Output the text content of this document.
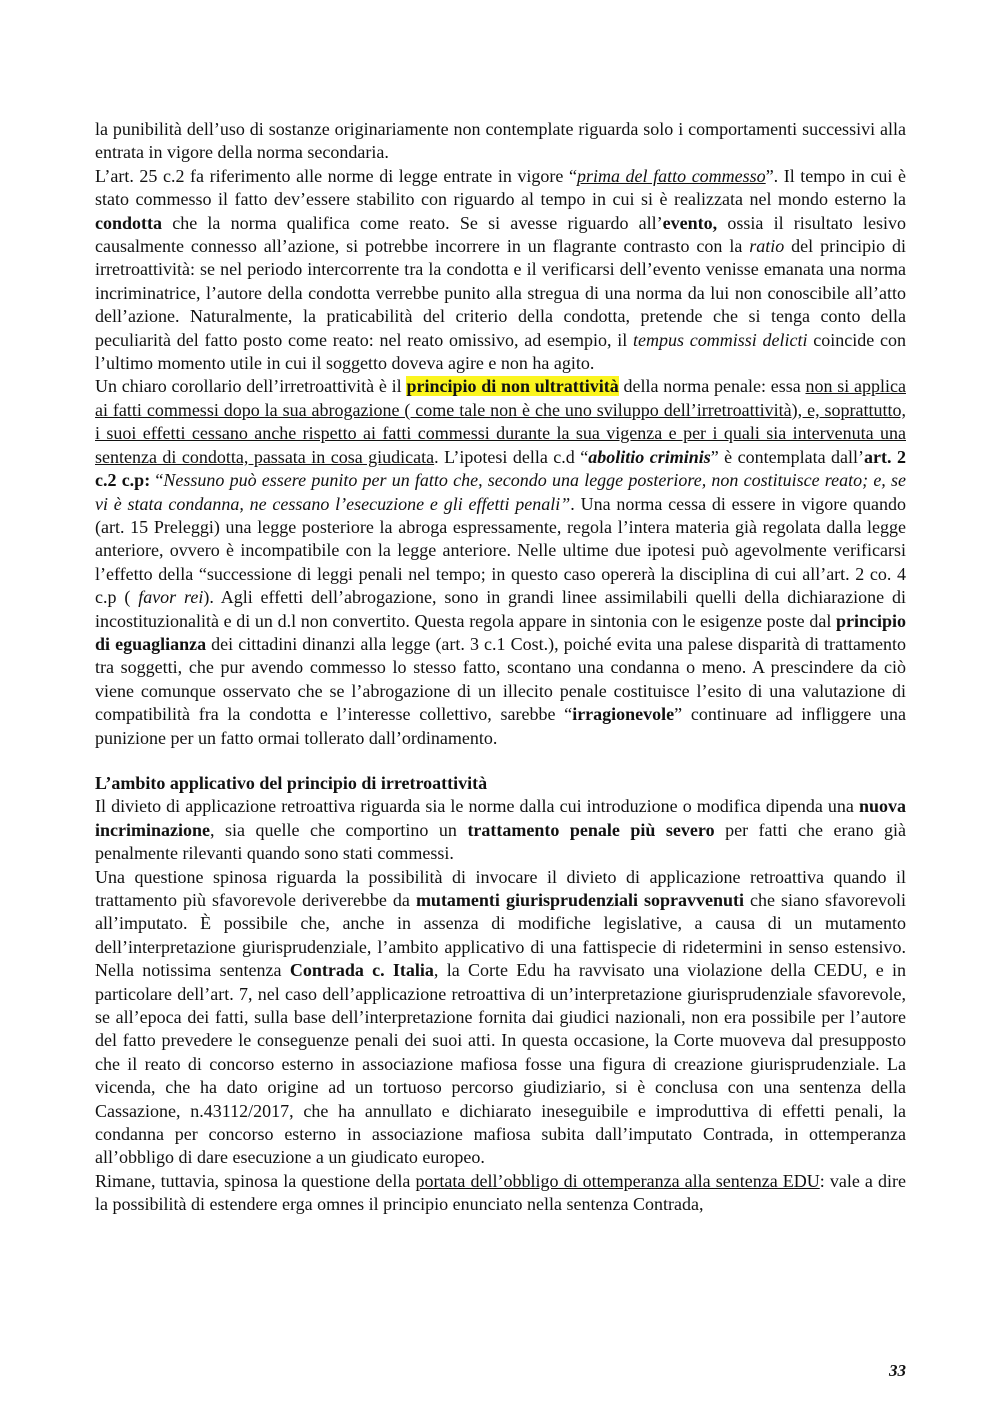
la punibilità dell’uso di sostanze originariamente non contemplate riguarda solo i comportamenti successivi alla entrata in vigore della norma secondaria.

L’art. 25 c.2 fa riferimento alle norme di legge entrate in vigore “prima del fatto commesso”. Il tempo in cui è stato commesso il fatto dev’essere stabilito con riguardo al tempo in cui si è realizzata nel mondo esterno la condotta che la norma qualifica come reato. Se si avesse riguardo all’evento, ossia il risultato lesivo causalmente connesso all’azione, si potrebbe incorrere in un flagrante contrasto con la ratio del principio di irretroattività: se nel periodo intercorrente tra la condotta e il verificarsi dell’evento venisse emanata una norma incriminatrice, l’autore della condotta verrebbe punito alla stregua di una norma da lui non conoscibile all’atto dell’azione. Naturalmente, la praticabilità del criterio della condotta, pretende che si tenga conto della peculiarità del fatto posto come reato: nel reato omissivo, ad esempio, il tempus commissi delicti coincide con l’ultimo momento utile in cui il soggetto doveva agire e non ha agito.

Un chiaro corollario dell’irretroattività è il principio di non ultrattività della norma penale: essa non si applica ai fatti commessi dopo la sua abrogazione ( come tale non è che uno sviluppo dell’irretroattività), e, soprattutto, i suoi effetti cessano anche rispetto ai fatti commessi durante la sua vigenza e per i quali sia intervenuta una sentenza di condotta, passata in cosa giudicata. L’ipotesi della c.d “abolitio criminis” è contemplata dall’art. 2 c.2 c.p: “Nessuno può essere punito per un fatto che, secondo una legge posteriore, non costituisce reato; e, se vi è stata condanna, ne cessano l’esecuzione e gli effetti penali”. Una norma cessa di essere in vigore quando (art. 15 Preleggi) una legge posteriore la abroga espressamente, regola l’intera materia già regolata dalla legge anteriore, ovvero è incompatibile con la legge anteriore. Nelle ultime due ipotesi può agevolmente verificarsi l’effetto della “successione di leggi penali nel tempo; in questo caso opererà la disciplina di cui all’art. 2 co. 4 c.p ( favor rei). Agli effetti dell’abrogazione, sono in grandi linee assimilabili quelli della dichiarazione di incostituzionalità e di un d.l non convertito. Questa regola appare in sintonia con le esigenze poste dal principio di eguaglianza dei cittadini dinanzi alla legge (art. 3 c.1 Cost.), poiché evita una palese disparità di trattamento tra soggetti, che pur avendo commesso lo stesso fatto, scontano una condanna o meno. A prescindere da ciò viene comunque osservato che se l’abrogazione di un illecito penale costituisce l’esito di una valutazione di compatibilità fra la condotta e l’interesse collettivo, sarebbe “irragionevole” continuare ad infliggere una punizione per un fatto ormai tollerato dall’ordinamento.

L’ambito applicativo del principio di irretroattività

Il divieto di applicazione retroattiva riguarda sia le norme dalla cui introduzione o modifica dipenda una nuova incriminazione, sia quelle che comportino un trattamento penale più severo per fatti che erano già penalmente rilevanti quando sono stati commessi.

Una questione spinosa riguarda la possibilità di invocare il divieto di applicazione retroattiva quando il trattamento più sfavorevole deriverebbe da mutamenti giurisprudenziali sopravvenuti che siano sfavorevoli all’imputato. È possibile che, anche in assenza di modifiche legislative, a causa di un mutamento dell’interpretazione giurisprudenziale, l’ambito applicativo di una fattispecie di ridetermini in senso estensivo. Nella notissima sentenza Contrada c. Italia, la Corte Edu ha ravvisato una violazione della CEDU, e in particolare dell’art. 7, nel caso dell’applicazione retroattiva di un’interpretazione giurisprudenziale sfavorevole, se all’epoca dei fatti, sulla base dell’interpretazione fornita dai giudici nazionali, non era possibile per l’autore del fatto prevedere le conseguenze penali dei suoi atti. In questa occasione, la Corte muoveva dal presupposto che il reato di concorso esterno in associazione mafiosa fosse una figura di creazione giurisprudenziale. La vicenda, che ha dato origine ad un tortuoso percorso giudiziario, si è conclusa con una sentenza della Cassazione, n.43112/2017, che ha annullato e dichiarato ineseguibile e improduttiva di effetti penali, la condanna per concorso esterno in associazione mafiosa subita dall’imputato Contrada, in ottemperanza all’obbligo di dare esecuzione a un giudicato europeo.

Rimane, tuttavia, spinosa la questione della portata dell’obbligo di ottemperanza alla sentenza EDU: vale a dire la possibilità di estendere erga omnes il principio enunciato nella sentenza Contrada,

33
